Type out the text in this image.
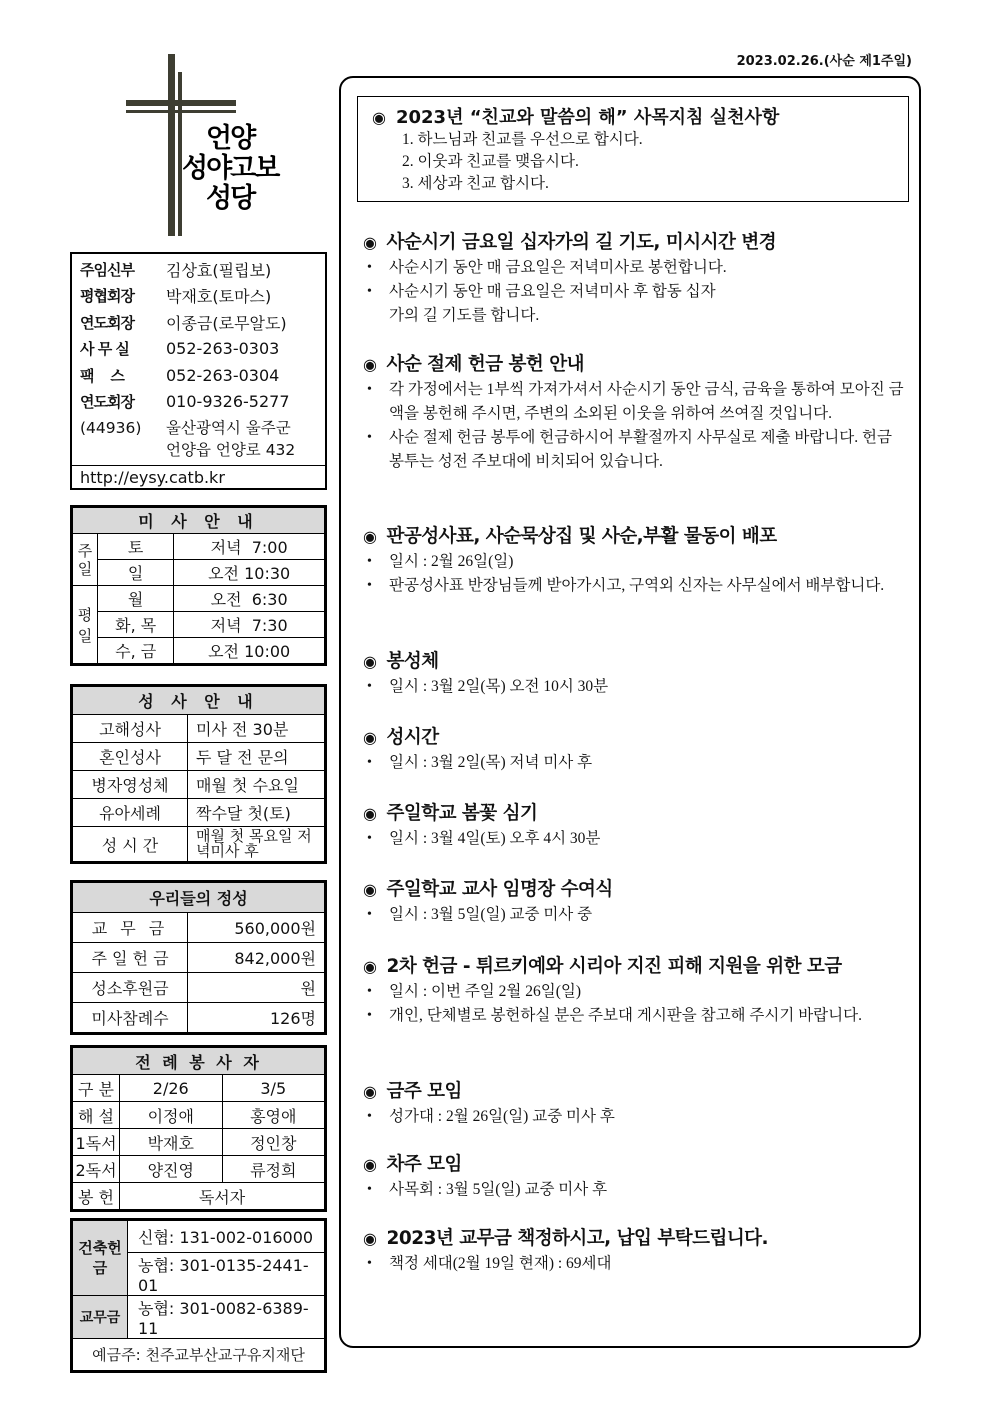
2023.02.26.(사순 제1주일)
언양
성야고보
성당
주임신부	김상효(필립보)
평협회장	박재호(토마스)
연도회장	이종금(로무알도)
사 무 실	052-263-0303
팩    스	052-263-0304
연도회장	010-9326-5277
(44936)	울산광역시 울주군
언양읍 언양로 432
http://eysy.catb.kr
미 사 안 내		
주일	토	저녁  7:00
	일	오전 10:30
평일	월	오전  6:30
	화, 목	저녁  7:30
	수, 금	오전 10:00
성 사 안 내	
고해성사	미사 전 30분
혼인성사	두 달 전 문의
병자영성체	매월 첫 수요일
유아세례	짝수달 첫(토)
성 시 간	매월 첫 목요일 저녁미사 후
우리들의 정성	
교 무 금	560,000원
주 일 헌 금	842,000원
성소후원금	원
미사참례수	126명
전 례 봉 사 자		
구 분	2/26	3/5
해 설	이정애	홍영애
1독서	박재호	정인창
2독서	양진영	류정희
봉 헌	독서자	
건축헌금	신협: 131-002-016000
	농협: 301-0135-2441-01
교무금	농협: 301-0082-6389-11
예금주: 천주교부산교구유지재단	
◉ 2023년 “친교와 말씀의 해” 사목지침 실천사항
1. 하느님과 친교를 우선으로 합시다.
2. 이웃과 친교를 맺읍시다.
3. 세상과 친교 합시다.
◉ 사순시기 금요일 십자가의 길 기도, 미시시간 변경
• 사순시기 동안 매 금요일은 저녁미사로 봉헌합니다.
• 사순시기 동안 매 금요일은 저녁미사 후 합동 십자가의 길 기도를 합니다.
◉ 사순 절제 헌금 봉헌 안내
• 각 가정에서는 1부씩 가져가셔서 사순시기 동안 금식, 금육을 통하여 모아진 금액을 봉헌해 주시면, 주변의 소외된 이웃을 위하여 쓰여질 것입니다.
• 사순 절제 헌금 봉투에 헌금하시어 부활절까지 사무실로 제출 바랍니다. 헌금 봉투는 성전 주보대에 비치되어 있습니다.
◉ 판공성사표, 사순묵상집 및 사순,부활 물동이 배포
• 일시 : 2월 26일(일)
• 판공성사표 반장님들께 받아가시고, 구역외 신자는 사무실에서 배부합니다.
◉ 봉성체
• 일시 : 3월 2일(목) 오전 10시 30분
◉ 성시간
• 일시 : 3월 2일(목) 저녁 미사 후
◉ 주일학교 봄꽃 심기
• 일시 : 3월 4일(토) 오후 4시 30분
◉ 주일학교 교사 임명장 수여식
• 일시 : 3월 5일(일) 교중 미사 중
◉ 2차 헌금 - 튀르키예와 시리아 지진 피해 지원을 위한 모금
• 일시 : 이번 주일 2월 26일(일)
• 개인, 단체별로 봉헌하실 분은 주보대 게시판을 참고해 주시기 바랍니다.
◉ 금주 모임
• 성가대 : 2월 26일(일) 교중 미사 후
◉ 차주 모임
• 사목회 : 3월 5일(일) 교중 미사 후
◉ 2023년 교무금 책정하시고, 납입 부탁드립니다.
• 책정 세대(2월 19일 현재) : 69세대
